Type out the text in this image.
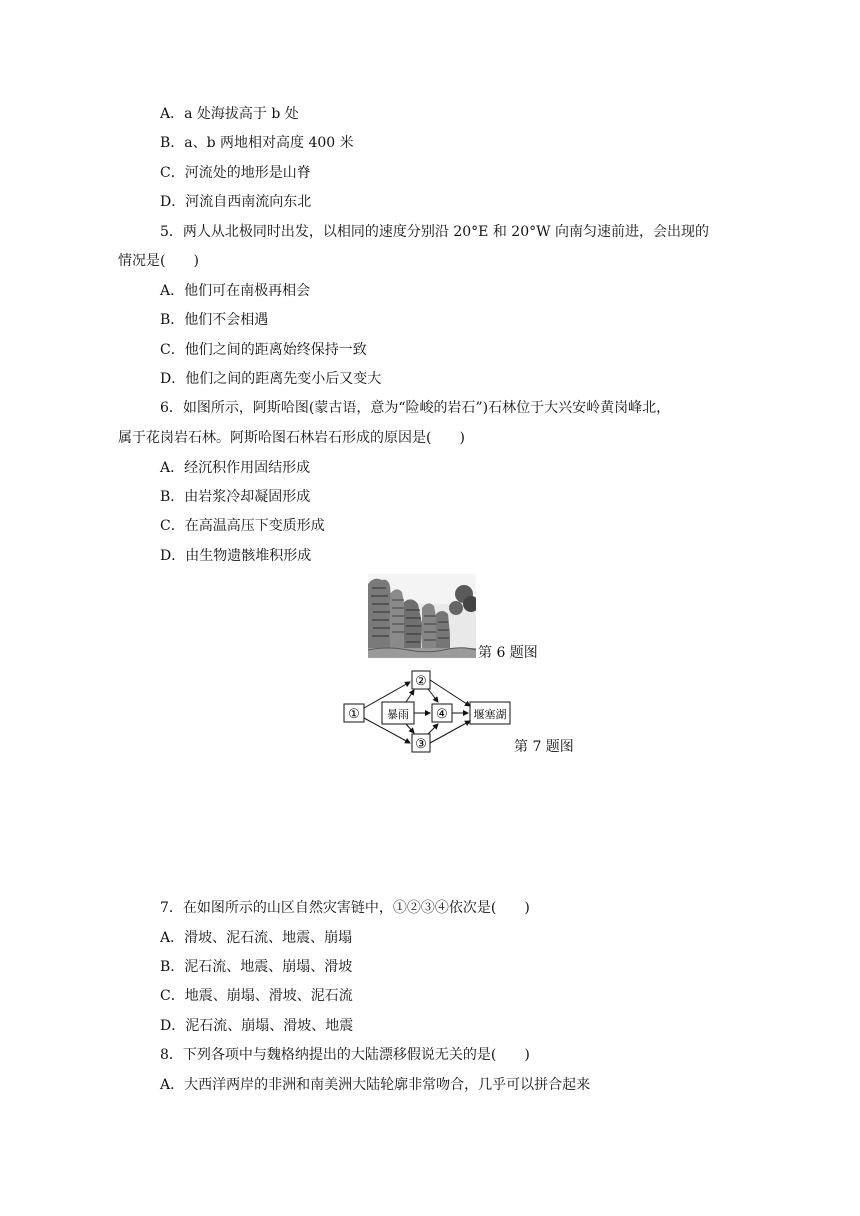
A．a 处海拔高于 b 处
B．a、b 两地相对高度 400 米
C．河流处的地形是山脊
D．河流自西南流向东北
5．两人从北极同时出发，以相同的速度分别沿 20°E 和 20°W 向南匀速前进，会出现的
情况是(　　)
A．他们可在南极再相会
B．他们不会相遇
C．他们之间的距离始终保持一致
D．他们之间的距离先变小后又变大
6．如图所示，阿斯哈图(蒙古语，意为“险峻的岩石”)石林位于大兴安岭黄岗峰北，
属于花岗岩石林。阿斯哈图石林岩石形成的原因是(　　)
A．经沉积作用固结形成
B．由岩浆冷却凝固形成
C．在高温高压下变质形成
D．由生物遗骸堆积形成
第 6 题图
① 暴雨
②
④
③
堰塞湖
第 7 题图
7．在如图所示的山区自然灾害链中，①②③④依次是(　　)
A．滑坡、泥石流、地震、崩塌
B．泥石流、地震、崩塌、滑坡
C．地震、崩塌、滑坡、泥石流
D．泥石流、崩塌、滑坡、地震
8．下列各项中与魏格纳提出的大陆漂移假说无关的是(　　)
A．大西洋两岸的非洲和南美洲大陆轮廓非常吻合，几乎可以拼合起来
